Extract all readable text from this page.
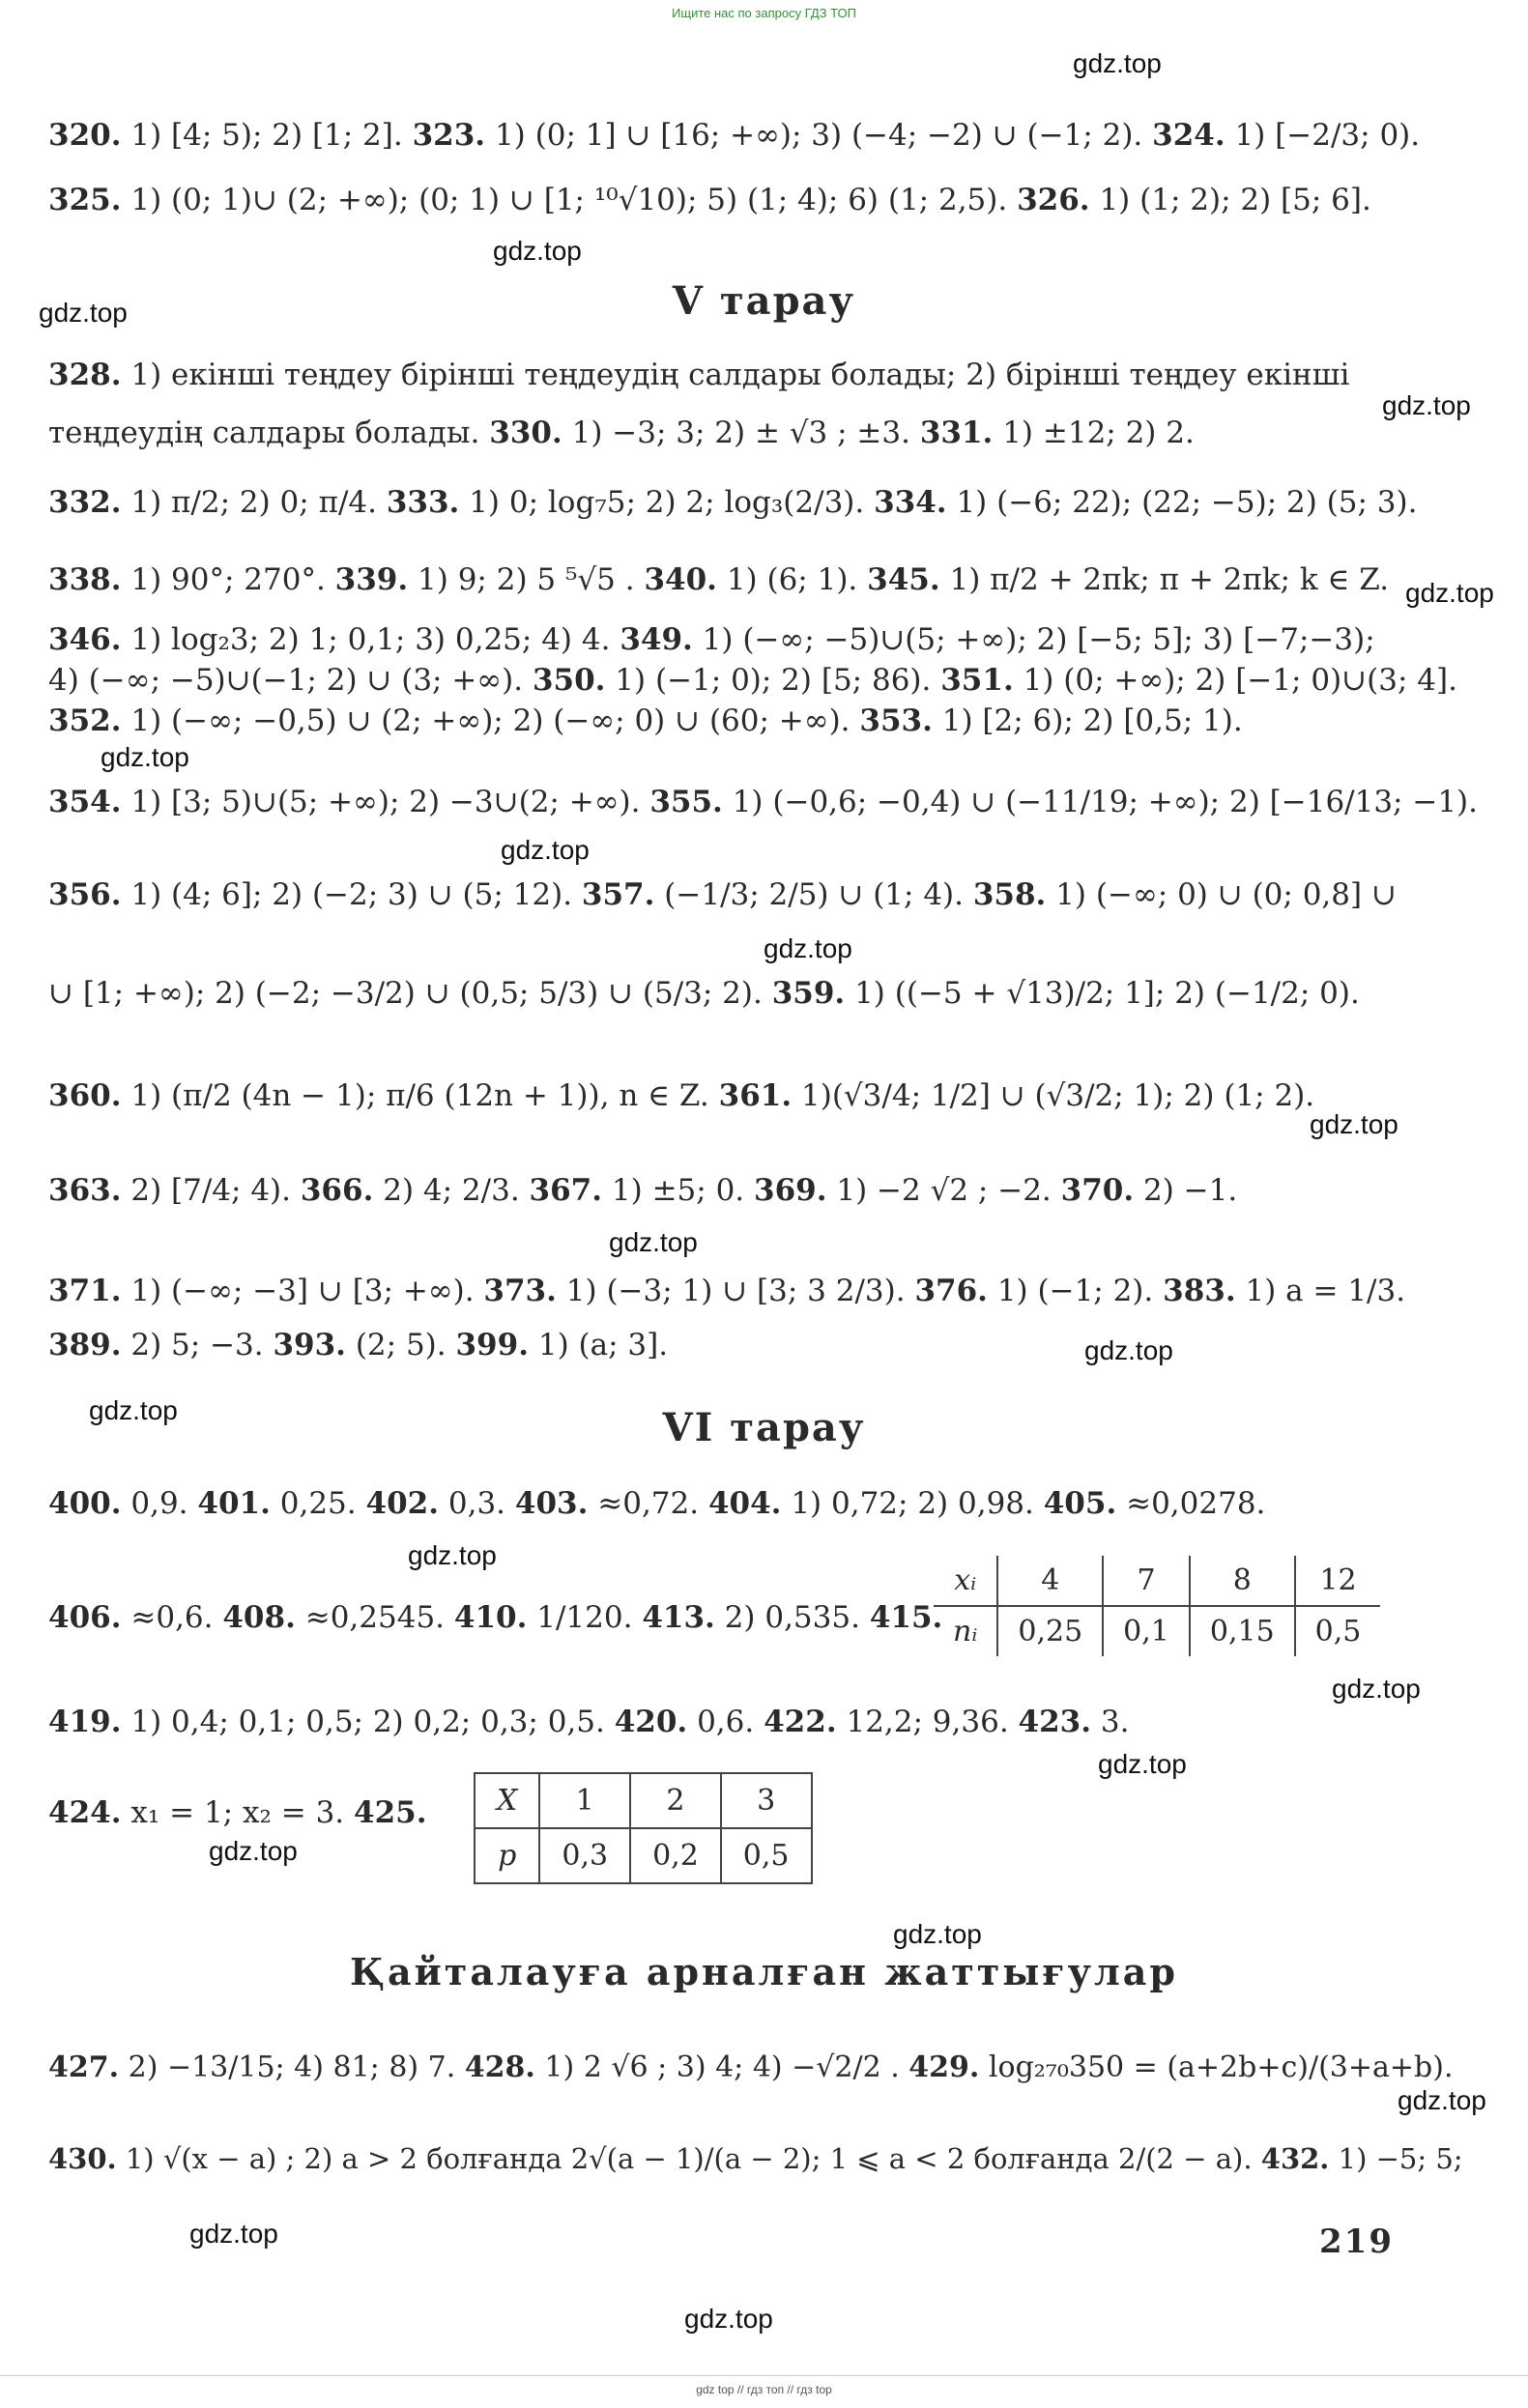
Ищите нас по запросу ГДЗ ТОП
320. 1) [4; 5); 2) [1; 2]. 323. 1) (0; 1] ∪ [16; +∞); 3) (−4; −2) ∪ (−1; 2). 324. 1) [−2/3; 0).
325. 1) (0; 1)∪ (2; +∞); (0; 1) ∪ [1; ¹⁰√10); 5) (1; 4); 6) (1; 2,5). 326. 1) (1; 2); 2) [5; 6].
V тарау
328. 1) екінші теңдеу бірінші теңдеудің салдары болады; 2) бірінші теңдеу екінші
теңдеудің салдары болады. 330. 1) −3; 3; 2) ± √3 ; ±3. 331. 1) ±12; 2) 2.
332. 1) π/2; 2) 0; π/4. 333. 1) 0; log₇5; 2) 2; log₃(2/3). 334. 1) (−6; 22); (22; −5); 2) (5; 3).
338. 1) 90°; 270°. 339. 1) 9; 2) 5 ⁵√5 . 340. 1) (6; 1). 345. 1) π/2 + 2πk; π + 2πk; k ∈ Z.
346. 1) log₂3; 2) 1; 0,1; 3) 0,25; 4) 4. 349. 1) (−∞; −5)∪(5; +∞); 2) [−5; 5]; 3) [−7;−3);
4) (−∞; −5)∪(−1; 2) ∪ (3; +∞). 350. 1) (−1; 0); 2) [5; 86). 351. 1) (0; +∞); 2) [−1; 0)∪(3; 4].
352. 1) (−∞; −0,5) ∪ (2; +∞); 2) (−∞; 0) ∪ (60; +∞). 353. 1) [2; 6); 2) [0,5; 1).
354. 1) [3; 5)∪(5; +∞); 2) −3∪(2; +∞). 355. 1) (−0,6; −0,4) ∪ (−11/19; +∞); 2) [−16/13; −1).
356. 1) (4; 6]; 2) (−2; 3) ∪ (5; 12). 357. (−1/3; 2/5) ∪ (1; 4). 358. 1) (−∞; 0) ∪ (0; 0,8] ∪
∪ [1; +∞); 2) (−2; −3/2) ∪ (0,5; 5/3) ∪ (5/3; 2). 359. 1) ((−5 + √13)/2; 1]; 2) (−1/2; 0).
360. 1) (π/2 (4n − 1); π/6 (12n + 1)), n ∈ Z. 361. 1)(√3/4; 1/2] ∪ (√3/2; 1); 2) (1; 2).
363. 2) [7/4; 4). 366. 2) 4; 2/3. 367. 1) ±5; 0. 369. 1) −2 √2 ; −2. 370. 2) −1.
371. 1) (−∞; −3] ∪ [3; +∞). 373. 1) (−3; 1) ∪ [3; 3 2/3). 376. 1) (−1; 2). 383. 1) a = 1/3.
389. 2) 5; −3. 393. (2; 5). 399. 1) (a; 3].
VI тарау
400. 0,9. 401. 0,25. 402. 0,3. 403. ≈0,72. 404. 1) 0,72; 2) 0,98. 405. ≈0,0278.
406. ≈0,6. 408. ≈0,2545. 410. 1/120. 413. 2) 0,535. 415.
xᵢ	4	7	8	12
nᵢ	0,25	0,1	0,15	0,5
419. 1) 0,4; 0,1; 0,5; 2) 0,2; 0,3; 0,5. 420. 0,6. 422. 12,2; 9,36. 423. 3.
424. x₁ = 1; x₂ = 3. 425.	X	1	2	3
p	0,3	0,2	0,5
Қайталауға арналған жаттығулар
427. 2) −13/15; 4) 81; 8) 7. 428. 1) 2 √6 ; 3) 4; 4) −√2/2 . 429. log₂₇₀350 = (a+2b+c)/(3+a+b).
430. 1) √(x − a) ; 2) a > 2 болғанда 2√(a − 1)/(a − 2); 1 ⩽ a < 2 болғанда 2/(2 − a). 432. 1) −5; 5;
219
gdz.top
gdz.top
gdz.top
gdz.top
gdz.top
gdz.top
gdz.top
gdz.top
gdz.top
gdz.top
gdz.top
gdz.top
gdz.top
gdz.top
gdz.top
gdz.top
gdz.top
gdz.top
gdz.top
gdz.top
gdz top // гдз топ // гдз top
